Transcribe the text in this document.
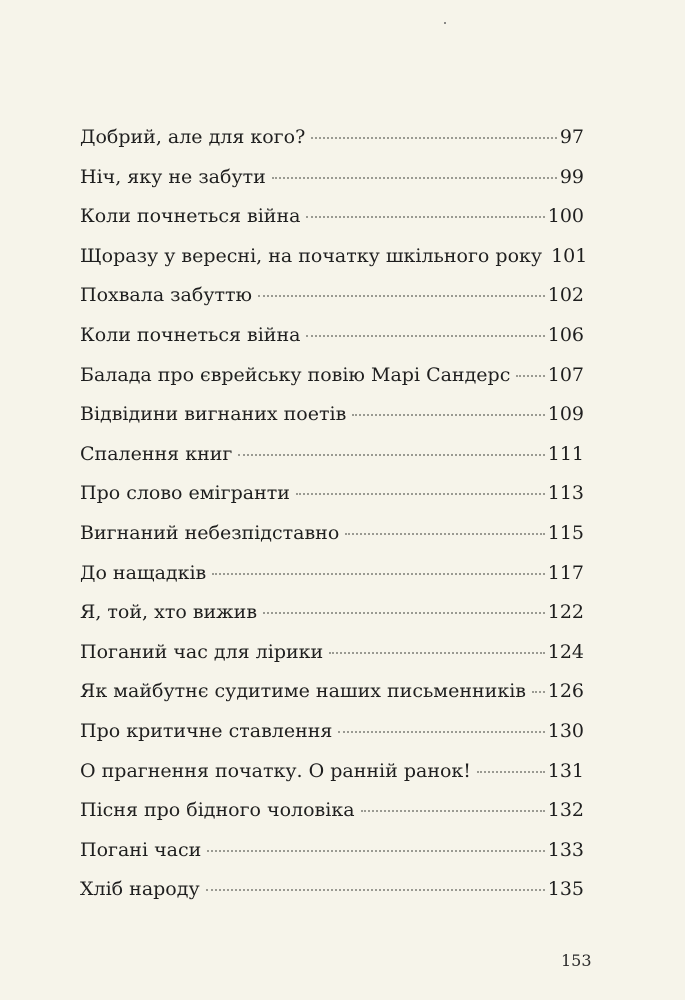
Добрий, але для кого?	97
Ніч, яку не забути	99
Коли почнеться війна	100
Щоразу у вересні, на початку шкільного року 101
Похвала забуттю	102
Коли почнеться війна	106
Балада про єврейську повію Марі Сандерс 107
Відвідини вигнаних поетів	109
Спалення книг	111
Про слово емігранти	113
Вигнаний небезпідставно	115
До нащадків	117
Я, той, хто вижив	122
Поганий час для лірики	124
Як майбутнє судитиме наших письменників 126
Про критичне ставлення	130
О прагнення початку. О ранній ранок!	131
Пісня про бідного чоловіка	132
Погані часи	133
Хліб народу	135
153
